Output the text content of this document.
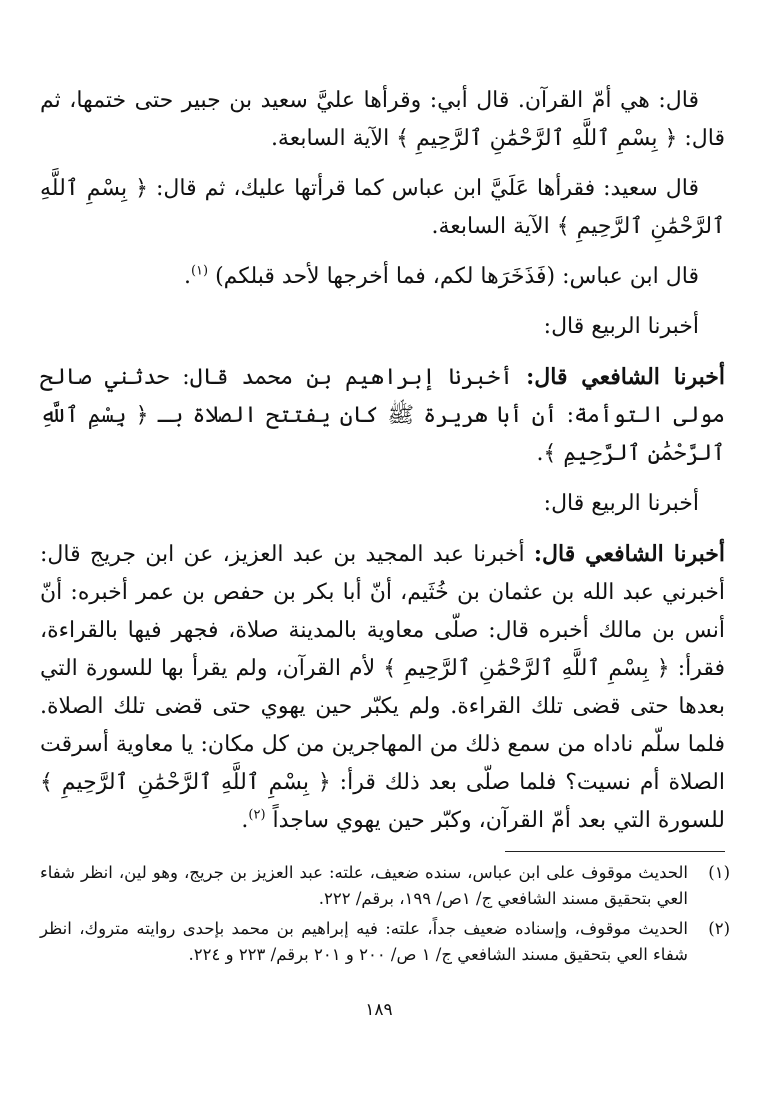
قال: هي أمّ القرآن. قال أبي: وقرأها عليَّ سعيد بن جبير حتى ختمها، ثم قال: ﴿ بِسْمِ ٱللَّهِ ٱلرَّحْمَٰنِ ٱلرَّحِيمِ ﴾ الآية السابعة.

قال سعيد: فقرأها عَلَيَّ ابن عباس كما قرأتها عليك، ثم قال: ﴿ بِسْمِ ٱللَّهِ ٱلرَّحْمَٰنِ ٱلرَّحِيمِ ﴾ الآية السابعة.

قال ابن عباس: (فَذَخَرَها لكم، فما أخرجها لأحد قبلكم) $^{(١)}$.

أخبرنا الربيع قال:

أخبرنا الشافعي قال: أخبرنا إبراهيم بن محمد قال: حدثني صالح مولى التوأمة: أن أبا هريرة ﷺ كان يفتتح الصلاة بـ ﴿ بِسْمِ ٱللَّهِ ٱلرَّحْمَٰنِ ٱلرَّحِيمِ ﴾.

أخبرنا الربيع قال:

أخبرنا الشافعي قال: أخبرنا عبد المجيد بن عبد العزيز، عن ابن جريج قال: أخبرني عبد الله بن عثمان بن خُثَيم، أنّ أبا بكر بن حفص بن عمر أخبره: أنّ أنس بن مالك أخبره قال: صلّى معاوية بالمدينة صلاة، فجهر فيها بالقراءة، فقرأ: ﴿ بِسْمِ ٱللَّهِ ٱلرَّحْمَٰنِ ٱلرَّحِيمِ ﴾ لأم القرآن، ولم يقرأ بها للسورة التي بعدها حتى قضى تلك القراءة. ولم يكبّر حين يهوي حتى قضى تلك الصلاة. فلما سلّم ناداه من سمع ذلك من المهاجرين من كل مكان: يا معاوية أسرقت الصلاة أم نسيت؟ فلما صلّى بعد ذلك قرأ: ﴿ بِسْمِ ٱللَّهِ ٱلرَّحْمَٰنِ ٱلرَّحِيمِ ﴾ للسورة التي بعد أمّ القرآن، وكبّر حين يهوي ساجداً $^{(٢)}$.

(١)
الحديث موقوف على ابن عباس، سنده ضعيف، علته: عبد العزيز بن جريج، وهو لين، انظر شفاء العي بتحقيق مسند الشافعي ج/ ١ص/ ١٩٩، برقم/ ٢٢٢.
(٢)
الحديث موقوف، وإسناده ضعيف جداً، علته: فيه إبراهيم بن محمد بإحدى روايته متروك، انظر شفاء العي بتحقيق مسند الشافعي ج/ ١ ص/ ٢٠٠ و ٢٠١ برقم/ ٢٢٣ و ٢٢٤.
١٨٩
